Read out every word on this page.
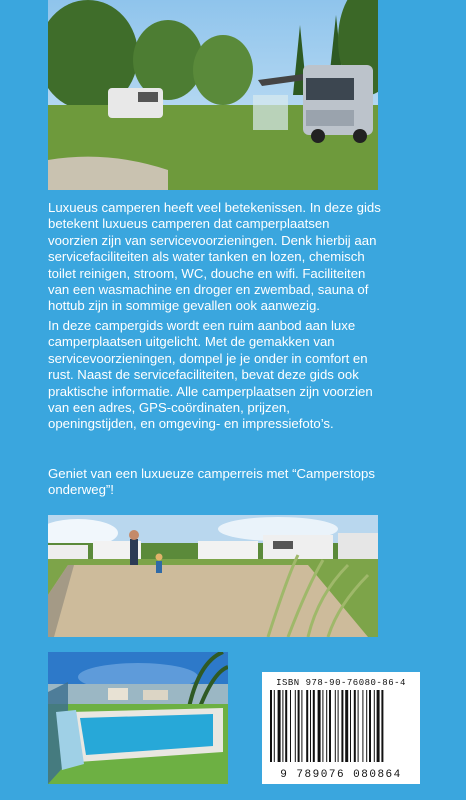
Luxueus camperen heeft veel betekenissen. In deze gids betekent luxueus camperen dat camperplaatsen voorzien zijn van servicevoorzieningen. Denk hierbij aan servicefaciliteiten als water tanken en lozen, chemisch toilet reinigen, stroom, WC, douche en wifi. Faciliteiten van een wasmachine en droger en zwembad, sauna of hottub zijn in sommige gevallen ook aanwezig.

In deze campergids wordt een ruim aanbod aan luxe camperplaatsen uitgelicht. Met de gemakken van servicevoorzieningen, dompel je je onder in comfort en rust. Naast de servicefaciliteiten, bevat deze gids ook praktische informatie. Alle camperplaatsen zijn voorzien van een adres, GPS-coördinaten, prijzen, openingstijden, en omgeving- en impressiefoto’s.

Geniet van een luxueuze camperreis met “Camperstops onderweg”!

ISBN 978-90-76080-86-4
9 789076 080864
